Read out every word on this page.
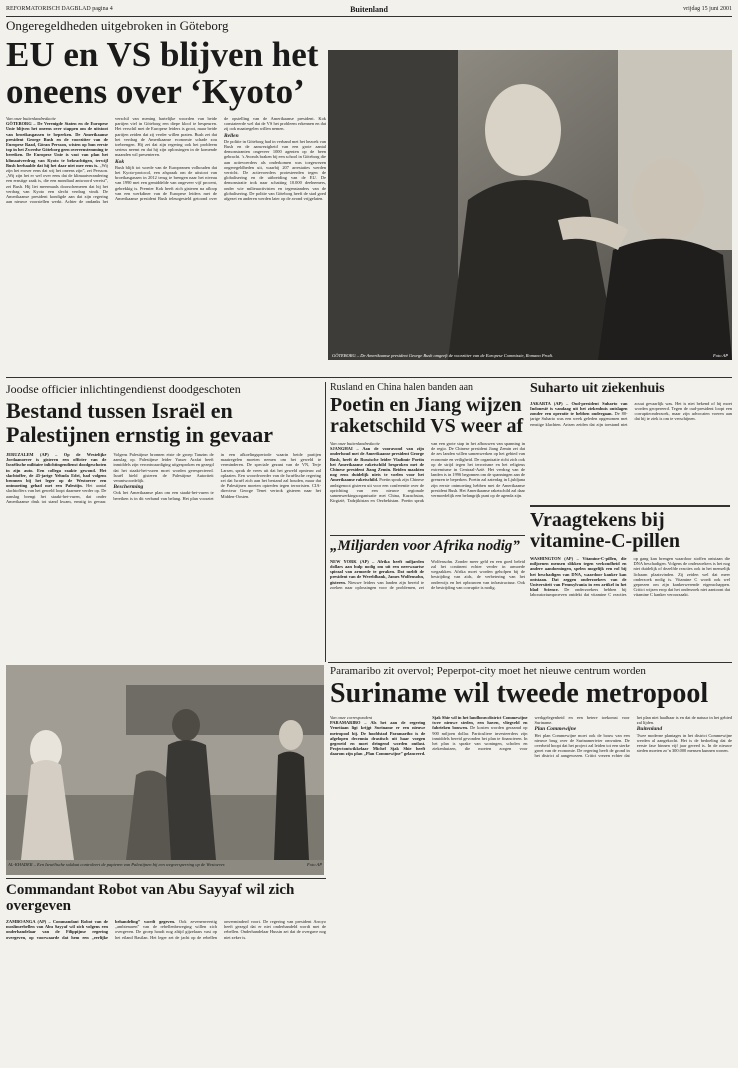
REFORMATORISCH DAGBLAD pagina 4	Buitenland	vrijdag 15 juni 2001
Ongeregeldheden uitgebroken in Göteborg
EU en VS blijven het oneens over ‘Kyoto’
Van onze buitenlandredactie
GÖTEBORG – De Verenigde Staten en de Europese Unie blijven het oneens over stappen om de uitstoot van broeikasgassen te beperken. De Amerikaanse president George Bush en de voorzitter van de Europese Raad, Göran Persson, wisten op hun eerste top in het Zweedse Göteborg geen overeenstemming te bereiken. De Europese Unie is vast van plan het klimaatverdrag van Kyoto te bekrachtigen, terwijl Bush herhaalde dat hij het daar niet mee eens is. „Wij zijn het erover eens dat wij het oneens zijn”, zei Persson. „Wij zijn het er wel over eens dat de klimaatverandering een ernstige zaak is, die een mondiaal antwoord vereist”, zei Bush. Hij liet meermaals doorschemeren dat hij het verdrag van Kyoto een slecht verdrag vindt. De Amerikaanse president kondigde aan dat zijn regering aan nieuwe voorstellen werkt. Achter de ondanks het verschil van mening hartelijke woorden van beide partijen viel in Göteborg een diepe kloof te bespeuren. Het verschil met de Europese leiders is groot, maar beide partijen zeiden dat zij verder willen praten. Bush zei dat het verdrag de Amerikaanse economie schade zou toebrengen. Hij zei dat zijn regering ook het probleem serieus neemt en dat hij zijn oplossingen in de komende maanden wil presenteren.
Kok
Bush blijft tot woede van de Europeanen volhouden dat het Kyoto-protocol, een afspraak om de uitstoot van broeikasgassen in 2012 terug te brengen naar het niveau van 1990 met een gemiddelde van ongeveer vijf procent, gebrekkig is. Premier Kok heeft zich gisteren na afloop van een werkdiner van de Europese leiders met de Amerikaanse president Bush teleurgesteld getoond over de opstelling van de Amerikaanse president. Kok constateerde wel dat de VS het probleem erkennen en dat zij ook maatregelen willen nemen.
Rellen
De politie in Göteborg had in verband met het bezoek van Bush en de aanwezigheid van een grote aantal demonstranten ongeveer 1000 agenten op de been gebracht. ’s Avonds braken bij een school in Göteborg die aan actievoerders als onderkomen was toegewezen ongeregeldheden uit, waarbij 207 arrestaties werden verricht. De actievoerders protesteerden tegen de globalisering en de uitbreiding van de EU. De demonstratie trok naar schatting 10.000 deelnemers, onder wie milieuactivisten en tegenstanders van de globalisering. De politie van Göteborg heeft de stad goed afgezet en anderen werden later op de avond vrijgelaten.
GÖTEBORG – De Amerikaanse president George Bush omgeeft de voorzitter van de Europese Commissie, Romano Prodi.	Foto AP
Joodse officier inlichtingendienst doodgeschoten
Bestand tussen Israël en Palestijnen ernstig in gevaar
JERUZALEM (AP) – Op de Westelijke Jordaanoever is gisteren een officier van de Israëlische militaire inlichtingendienst doodgeschoten in zijn auto. Een collega raakte gewond. Het slachtoffer, de 45-jarige Yehuda Edri, had volgens bronnen bij het leger op de Westoever een ontmoeting gehad met een Palestijn. Het aantal slachtoffers van het geweld loopt daarmee verder op. De aanslag brengt het staakt-het-vuren, dat onder Amerikaanse druk tot stand kwam, ernstig in gevaar. Volgens Palestijnse bronnen eiste de groep Tanzim de aanslag op. Palestijnse leider Yasser Arafat heeft inmiddels zijn verontwaardiging uitgesproken en gezegd dat het staakt-het-vuren moet worden gerespecteerd. Israël hield gisteren de Palestijnse Autoriteit verantwoordelijk.
Bescherming
Ook het Amerikaanse plan om een staakt-het-vuren te bereiken is in dit verband van belang. Het plan voorziet in een afkoelingsperiode waarin beide partijen maatregelen moeten nemen om het geweld te verminderen. De speciale gezant van de VN, Terje Larsen, sprak de vrees uit dat het geweld opnieuw zal oplaaien. Een woordvoerder van de Israëlische regering zei dat Israël zich aan het bestand zal houden, maar dat de Palestijnen moeten optreden tegen terroristen. CIA-directeur George Tenet vertrok gisteren naar het Midden-Oosten.
Rusland en China halen banden aan
Poetin en Jiang wijzen raketschild VS weer af
Van onze buitenlandredactie
SJANGHAI – Aan de vooravond van zijn onderhoud met de Amerikaanse president George Bush, heeft de Russische leider Vladimir Poetin het Amerikaanse raketschild besproken met de Chinese president Jiang Zemin. Beiden maakten nog eens duidelijk niets te voelen voor het Amerikaanse raketschild. Poetin sprak zijn Chinese ambtgenoot gisteren uit voor een conferentie over de oprichting van een nieuwe regionale samenwerkingsorganisatie met China, Kazachstan, Kirgizië, Tadzjikistan en Oezbekistan. Poetin sprak van een grote stap in het afbouwen van spanning in de regio. De Chinese president Jiang Zemin zei dat de zes landen willen samenwerken op het gebied van economie en veiligheid. De organisatie richt zich ook op de strijd tegen het terrorisme en het religieus extremisme in Centraal-Azië. Het verdrag van de landen is in 1996 begonnen om de spanningen aan de grenzen te beperken. Poetin zal zaterdag in Ljubljana zijn eerste ontmoeting hebben met de Amerikaanse president Bush. Het Amerikaanse raketschild zal daar vermoedelijk een belangrijk punt op de agenda zijn.
Suharto uit ziekenhuis
JAKARTA (AP) – Oud-president Suharto van Indonesië is vandaag uit het ziekenhuis ontslagen zonder een operatie te hebben ondergaan. De 80-jarige Suharto was een week geleden opgenomen met ernstige klachten. Artsen zeiden dat zijn toestand niet acuut gevaarlijk was. Het is niet bekend of hij moet worden geopereerd. Tegen de oud-president loopt een corruptieonderzoek, maar zijn advocaten voeren aan dat hij te ziek is om te verschijnen.
Vraagtekens bij vitamine-C-pillen
WASHINGTON (AP) – Vitamine-C-pillen, die miljoenen mensen slikken tegen verkoudheid en andere aandoeningen, spelen mogelijk een rol bij het beschadigen van DNA, waardoor kanker kan ontstaan. Dat zeggen onderzoekers van de Universiteit van Pennsylvania in een artikel in het blad Science. De onderzoekers hebben bij laboratoriumproeven ontdekt dat vitamine C reacties op gang kan brengen waardoor stoffen ontstaan die DNA beschadigen. Volgens de onderzoekers is het nog niet duidelijk of dezelfde reacties ook in het menselijk lichaam plaatsvinden. Zij zeiden wel dat meer onderzoek nodig is. Vitamine C wordt ook wel geprezen om zijn kankerwerende eigenschappen. Critici wijzen erop dat het onderzoek niet aantoont dat vitamine C kanker veroorzaakt.
„Miljarden voor Afrika nodig”
NEW YORK (AP) – Afrika heeft miljarden dollars aan hulp nodig om uit een neerwaartse spiraal van armoede te geraken. Dat meldt de president van de Wereldbank, James Wolfensohn, gisteren. Nieuwe leiders van landen zijn bereid te zoeken naar oplossingen voor de problemen, zei Wolfensohn. Zonder meer geld en een goed beleid zal het continent echter verder in armoede wegzakken. Afrika moet worden geholpen bij de bestrijding van aids, de verbetering van het onderwijs en het opbouwen van infrastructuur. Ook de bestrijding van corruptie is nodig.
AL-KHADER – Een Israëlische soldaat controleert de papieren van Palestijnen bij een wegversperring op de Westoever.	Foto AP
Paramaribo zit overvol; Peperpot-city moet het nieuwe centrum worden
Suriname wil tweede metropool
Van onze correspondent
PARAMARIBO – Als het aan de regering Venetiaan ligt krijgt Suriname er een nieuwe metropool bij. De hoofdstad Paramaribo is de afgelopen decennia drastisch uit haar voegen gegroeid en moet dringend worden ontlast. Projectontwikkelaar Michel Sjak Shie heeft daarom zijn plan „Plan Commewijne” gelanceerd. Sjak Shie wil in het landbouwdistrict Commewijne twee nieuwe steden, een haven, vliegveld en fabrieken bouwen. De kosten worden geraamd op 900 miljoen dollar. Particuliere investeerders zijn inmiddels bereid gevonden het plan te financieren. In het plan is sprake van woningen, scholen en ziekenhuizen, die moeten zorgen voor werkgelegenheid en een betere toekomst voor Suriname.
Plan Commewijne
Het plan Commewijne moet ook de bouw van een nieuwe brug over de Surinamerivier omvatten. De overheid hoopt dat het project zal leiden tot een sterke groei van de economie. De regering heeft de grond in het district al aangewezen. Critici vrezen echter dat het plan niet haalbaar is en dat de natuur in het gebied zal lijden.
Buitenland
Twee moderne plantages in het district Commewijne werden al aangekocht. Het is de bedoeling dat de eerste fase binnen vijf jaar gereed is. In de nieuwe steden moeten zo’n 300.000 mensen kunnen wonen.
Commandant Robot van Abu Sayyaf wil zich overgeven
ZAMBOANGA (AP) – Commandant Robot van de moslimrebellen van Abu Sayyaf wil zich volgens een onderhandelaar van de Filippijnse regering overgeven, op voorwaarde dat hem een „eerlijke behandeling” wordt gegeven. Ook zevenenveertig „ambtenaren” van de rebellenbeweging willen zich overgeven. De groep houdt nog altijd gijzelaars vast op het eiland Basilan. Het leger zet de jacht op de rebellen onverminderd voort. De regering van president Arroyo heeft gezegd dat er niet onderhandeld wordt met de rebellen. Onderhandelaar Hussin zei dat de overgave nog niet zeker is.
